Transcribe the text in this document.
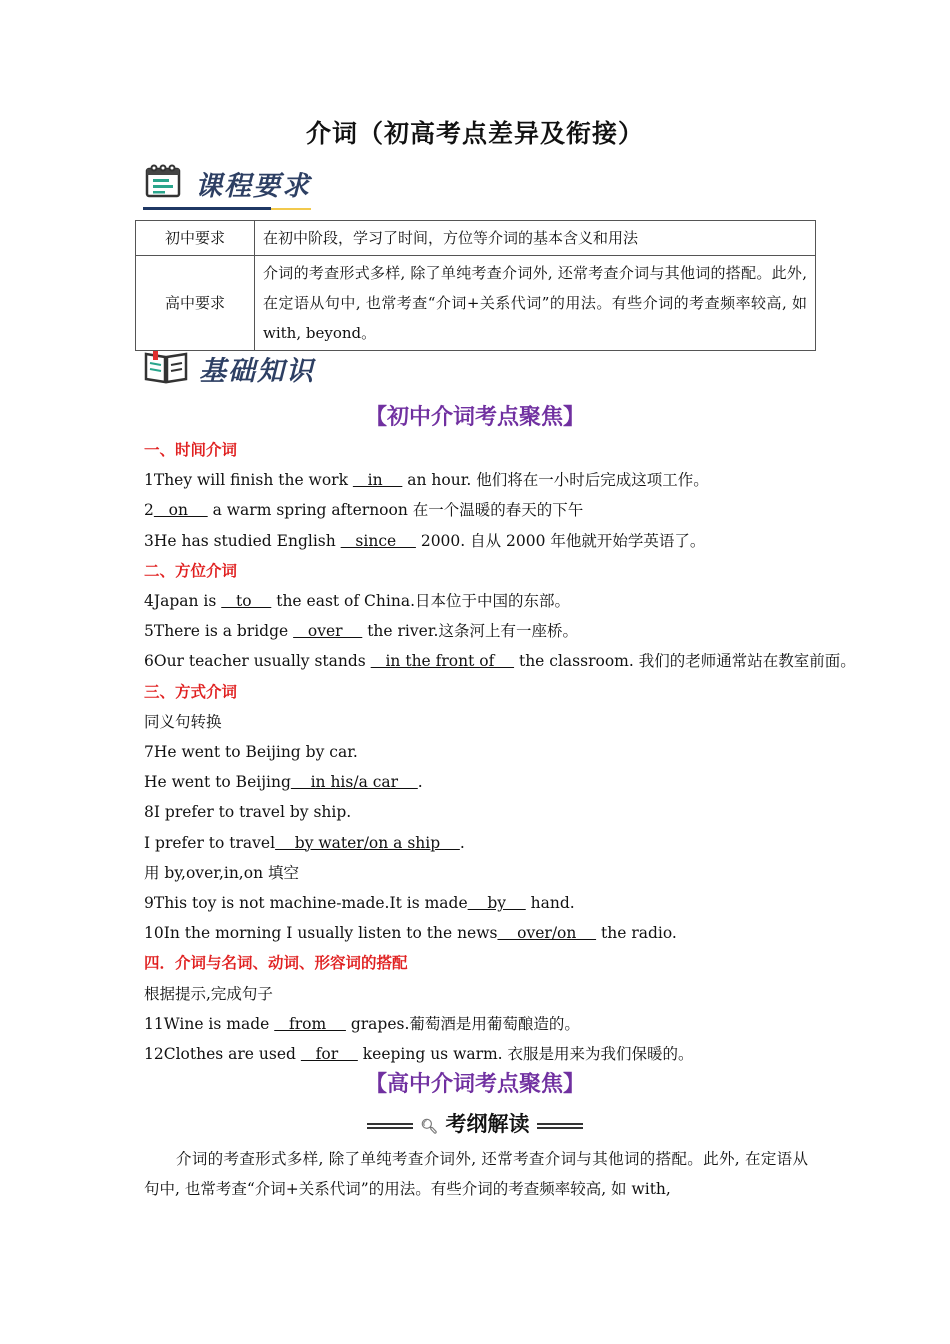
介词（初高考点差异及衔接）
课程要求
初中要求	在初中阶段，学习了时间，方位等介词的基本含义和用法
高中要求	介词的考查形式多样, 除了单纯考查介词外, 还常考查介词与其他词的搭配。此外, 在定语从句中, 也常考查“介词+关系代词”的用法。有些介词的考查频率较高, 如 with, beyond。
基础知识
【初中介词考点聚焦】
一、时间介词
1They will finish the work    in     an hour. 他们将在一小时后完成这项工作。
2   on     a warm spring afternoon 在一个温暖的春天的下午
3He has studied English    since     2000. 自从 2000 年他就开始学英语了。
二、方位介词
4Japan is    to     the east of China.日本位于中国的东部。
5There is a bridge    over     the river.这条河上有一座桥。
6Our teacher usually stands    in the front of     the classroom. 我们的老师通常站在教室前面。
三、方式介词
同义句转换
7He went to Beijing by car.
He went to Beijing    in his/a car    .
8I prefer to travel by ship.
I prefer to travel    by water/on a ship    .
用 by,over,in,on 填空
9This toy is not machine-made.It is made    by     hand.
10In the morning I usually listen to the news    over/on     the radio.
四．介词与名词、动词、形容词的搭配
根据提示,完成句子
11Wine is made    from     grapes.葡萄酒是用葡萄酿造的。
12Clothes are used    for     keeping us warm. 衣服是用来为我们保暖的。
【高中介词考点聚焦】
🔍︎ 考纲解读
介词的考查形式多样, 除了单纯考查介词外, 还常考查介词与其他词的搭配。此外, 在定语从句中, 也常考查“介词+关系代词”的用法。有些介词的考查频率较高, 如 with,
